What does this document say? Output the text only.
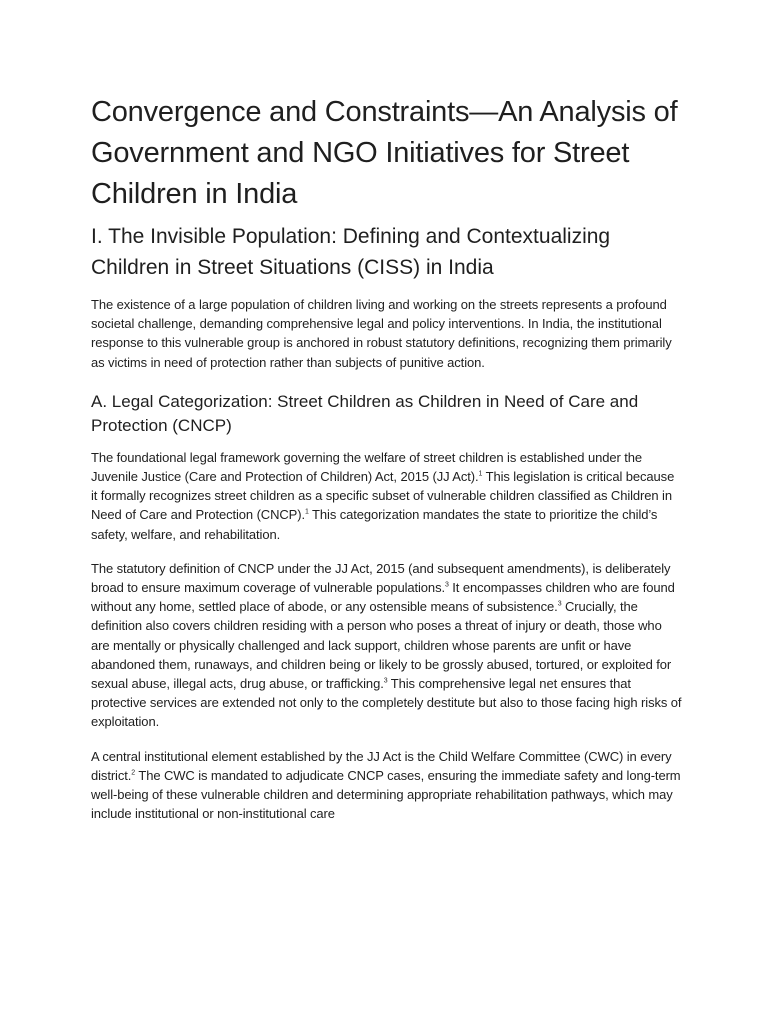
Convergence and Constraints—An Analysis of Government and NGO Initiatives for Street Children in India
I. The Invisible Population: Defining and Contextualizing Children in Street Situations (CISS) in India

The existence of a large population of children living and working on the streets represents a profound societal challenge, demanding comprehensive legal and policy interventions. In India, the institutional response to this vulnerable group is anchored in robust statutory definitions, recognizing them primarily as victims in need of protection rather than subjects of punitive action.

A. Legal Categorization: Street Children as Children in Need of Care and Protection (CNCP)

The foundational legal framework governing the welfare of street children is established under the Juvenile Justice (Care and Protection of Children) Act, 2015 (JJ Act).$^1$ This legislation is critical because it formally recognizes street children as a specific subset of vulnerable children classified as Children in Need of Care and Protection (CNCP).$^1$ This categorization mandates the state to prioritize the child’s safety, welfare, and rehabilitation.

The statutory definition of CNCP under the JJ Act, 2015 (and subsequent amendments), is deliberately broad to ensure maximum coverage of vulnerable populations.$^3$ It encompasses children who are found without any home, settled place of abode, or any ostensible means of subsistence.$^3$ Crucially, the definition also covers children residing with a person who poses a threat of injury or death, those who are mentally or physically challenged and lack support, children whose parents are unfit or have abandoned them, runaways, and children being or likely to be grossly abused, tortured, or exploited for sexual abuse, illegal acts, drug abuse, or trafficking.$^3$ This comprehensive legal net ensures that protective services are extended not only to the completely destitute but also to those facing high risks of exploitation.

A central institutional element established by the JJ Act is the Child Welfare Committee (CWC) in every district.$^2$ The CWC is mandated to adjudicate CNCP cases, ensuring the immediate safety and long-term well-being of these vulnerable children and determining appropriate rehabilitation pathways, which may include institutional or non-institutional care
